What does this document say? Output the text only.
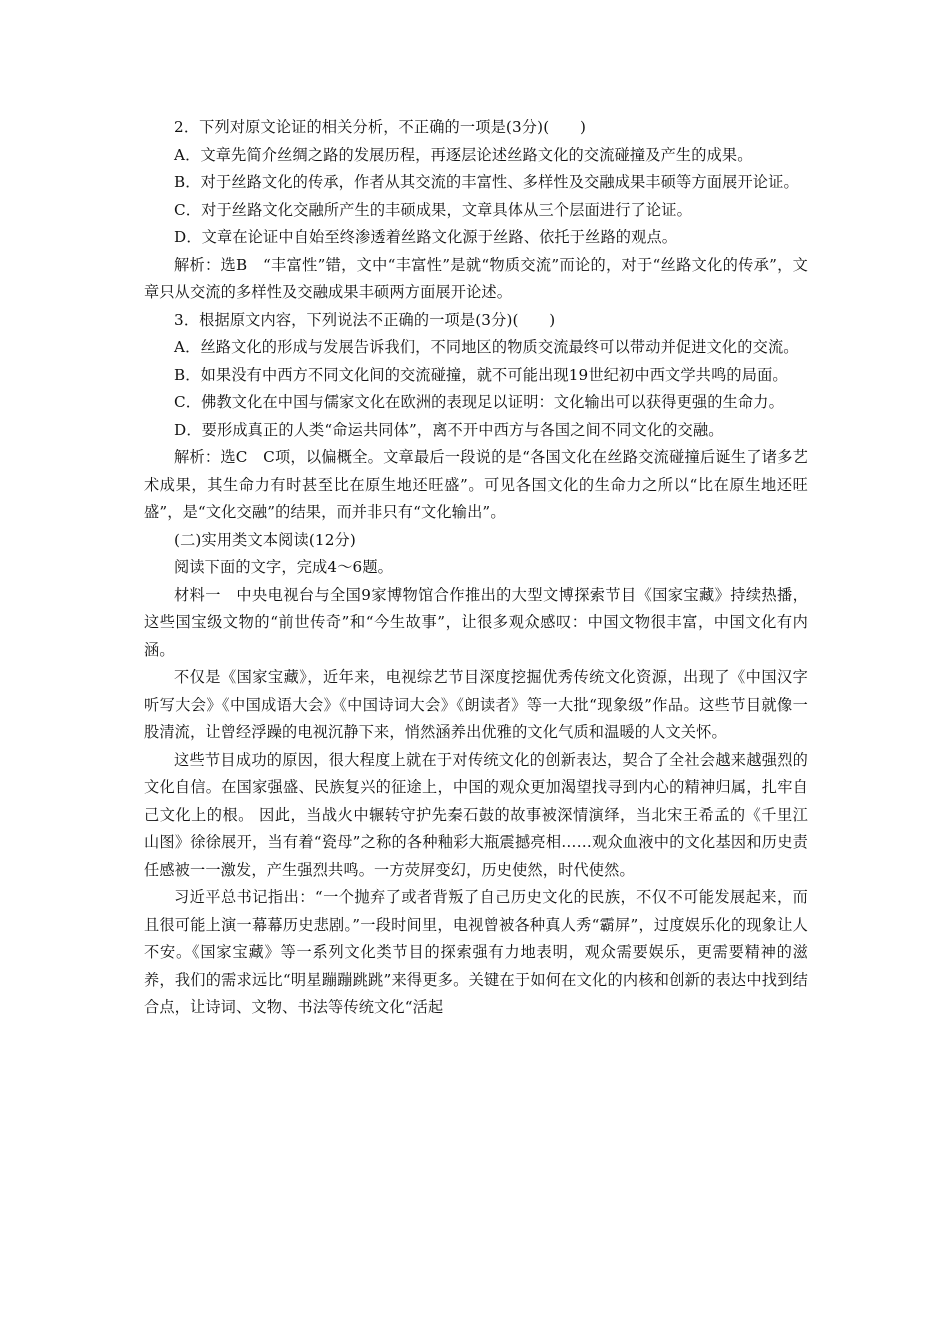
2．下列对原文论证的相关分析，不正确的一项是(3分)(　　)

A．文章先简介丝绸之路的发展历程，再逐层论述丝路文化的交流碰撞及产生的成果。

B．对于丝路文化的传承，作者从其交流的丰富性、多样性及交融成果丰硕等方面展开论证。

C．对于丝路文化交融所产生的丰硕成果，文章具体从三个层面进行了论证。

D．文章在论证中自始至终渗透着丝路文化源于丝路、依托于丝路的观点。

解析：选B　“丰富性”错，文中“丰富性”是就“物质交流”而论的，对于“丝路文化的传承”，文章只从交流的多样性及交融成果丰硕两方面展开论述。

3．根据原文内容，下列说法不正确的一项是(3分)(　　)

A．丝路文化的形成与发展告诉我们，不同地区的物质交流最终可以带动并促进文化的交流。

B．如果没有中西方不同文化间的交流碰撞，就不可能出现19世纪初中西文学共鸣的局面。

C．佛教文化在中国与儒家文化在欧洲的表现足以证明：文化输出可以获得更强的生命力。

D．要形成真正的人类“命运共同体”，离不开中西方与各国之间不同文化的交融。

解析：选C　C项，以偏概全。文章最后一段说的是“各国文化在丝路交流碰撞后诞生了诸多艺术成果，其生命力有时甚至比在原生地还旺盛”。可见各国文化的生命力之所以“比在原生地还旺盛”，是“文化交融”的结果，而并非只有“文化输出”。

(二)实用类文本阅读(12分)

阅读下面的文字，完成4～6题。

材料一　中央电视台与全国9家博物馆合作推出的大型文博探索节目《国家宝藏》持续热播，这些国宝级文物的“前世传奇”和“今生故事”，让很多观众感叹：中国文物很丰富，中国文化有内涵。

不仅是《国家宝藏》，近年来，电视综艺节目深度挖掘优秀传统文化资源，出现了《中国汉字听写大会》《中国成语大会》《中国诗词大会》《朗读者》等一大批“现象级”作品。这些节目就像一股清流，让曾经浮躁的电视沉静下来，悄然涵养出优雅的文化气质和温暖的人文关怀。

这些节目成功的原因，很大程度上就在于对传统文化的创新表达，契合了全社会越来越强烈的文化自信。在国家强盛、民族复兴的征途上，中国的观众更加渴望找寻到内心的精神归属，扎牢自己文化上的根。 因此，当战火中辗转守护先秦石鼓的故事被深情演绎，当北宋王希孟的《千里江山图》徐徐展开，当有着“瓷母”之称的各种釉彩大瓶震撼亮相……观众血液中的文化基因和历史责任感被一一激发，产生强烈共鸣。一方荧屏变幻，历史使然，时代使然。

习近平总书记指出：“一个抛弃了或者背叛了自己历史文化的民族，不仅不可能发展起来，而且很可能上演一幕幕历史悲剧。”一段时间里，电视曾被各种真人秀“霸屏”，过度娱乐化的现象让人不安。《国家宝藏》等一系列文化类节目的探索强有力地表明，观众需要娱乐，更需要精神的滋养，我们的需求远比“明星蹦蹦跳跳”来得更多。关键在于如何在文化的内核和创新的表达中找到结合点，让诗词、文物、书法等传统文化“活起
